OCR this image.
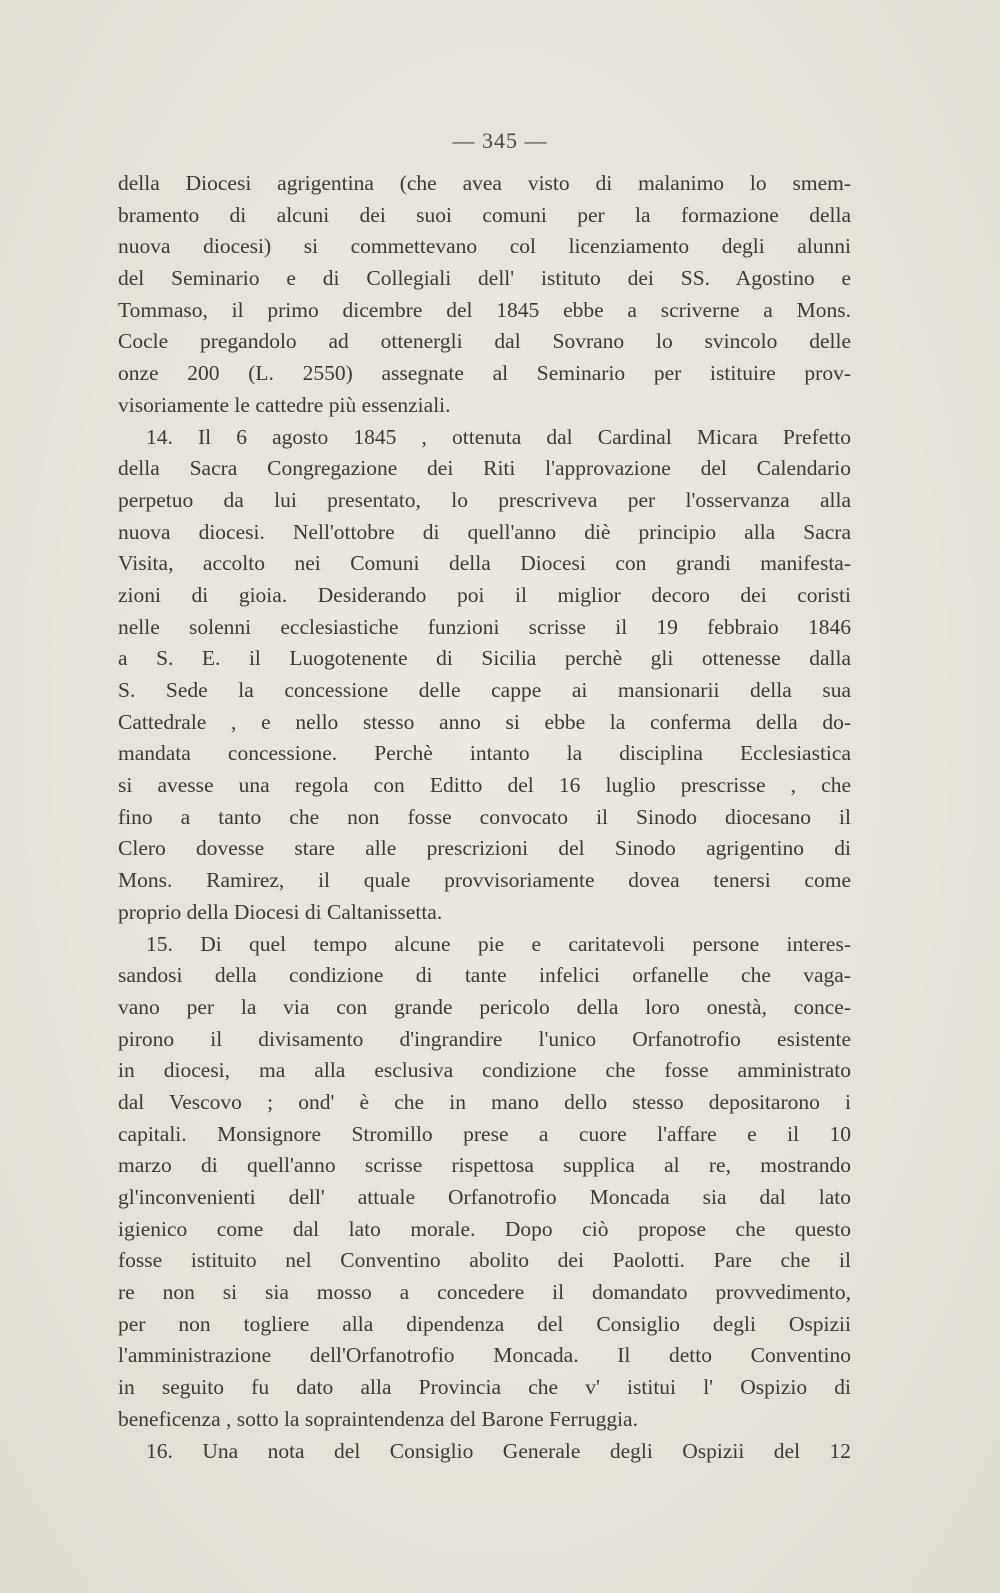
— 345 —
della Diocesi agrigentina (che avea visto di malanimo lo smem-
bramento di alcuni dei suoi comuni per la formazione della
nuova diocesi) si commettevano col licenziamento degli alunni
del Seminario e di Collegiali dell' istituto dei SS. Agostino e
Tommaso, il primo dicembre del 1845 ebbe a scriverne a Mons.
Cocle pregandolo ad ottenergli dal Sovrano lo svincolo delle
onze 200 (L. 2550) assegnate al Seminario per istituire prov-
visoriamente le cattedre più essenziali.
14. Il 6 agosto 1845 , ottenuta dal Cardinal Micara Prefetto
della Sacra Congregazione dei Riti l'approvazione del Calendario
perpetuo da lui presentato, lo prescriveva per l'osservanza alla
nuova diocesi. Nell'ottobre di quell'anno diè principio alla Sacra
Visita, accolto nei Comuni della Diocesi con grandi manifesta-
zioni di gioia. Desiderando poi il miglior decoro dei coristi
nelle solenni ecclesiastiche funzioni scrisse il 19 febbraio 1846
a S. E. il Luogotenente di Sicilia perchè gli ottenesse dalla
S. Sede la concessione delle cappe ai mansionarii della sua
Cattedrale , e nello stesso anno si ebbe la conferma della do-
mandata concessione. Perchè intanto la disciplina Ecclesiastica
si avesse una regola con Editto del 16 luglio prescrisse , che
fino a tanto che non fosse convocato il Sinodo diocesano il
Clero dovesse stare alle prescrizioni del Sinodo agrigentino di
Mons. Ramirez, il quale provvisoriamente dovea tenersi come
proprio della Diocesi di Caltanissetta.
15. Di quel tempo alcune pie e caritatevoli persone interes-
sandosi della condizione di tante infelici orfanelle che vaga-
vano per la via con grande pericolo della loro onestà, conce-
pirono il divisamento d'ingrandire l'unico Orfanotrofio esistente
in diocesi, ma alla esclusiva condizione che fosse amministrato
dal Vescovo ; ond' è che in mano dello stesso depositarono i
capitali. Monsignore Stromillo prese a cuore l'affare e il 10
marzo di quell'anno scrisse rispettosa supplica al re, mostrando
gl'inconvenienti dell' attuale Orfanotrofio Moncada sia dal lato
igienico come dal lato morale. Dopo ciò propose che questo
fosse istituito nel Conventino abolito dei Paolotti. Pare che il
re non si sia mosso a concedere il domandato provvedimento,
per non togliere alla dipendenza del Consiglio degli Ospizii
l'amministrazione dell'Orfanotrofio Moncada. Il detto Conventino
in seguito fu dato alla Provincia che v' istitui l' Ospizio di
beneficenza , sotto la sopraintendenza del Barone Ferruggia.
16. Una nota del Consiglio Generale degli Ospizii del 12
